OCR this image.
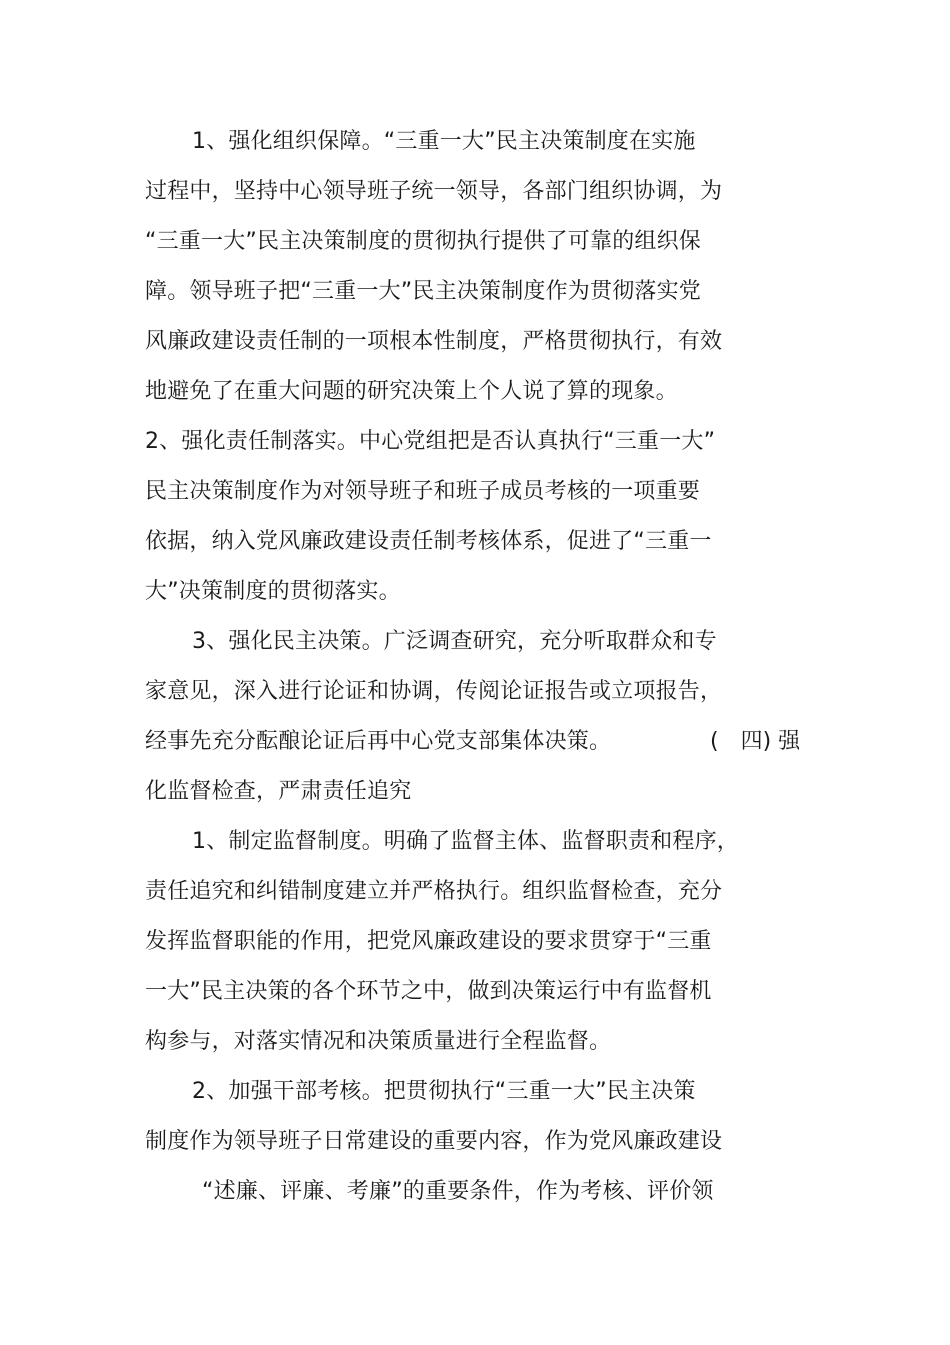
1、强化组织保障。“三重一大”民主决策制度在实施
过程中，坚持中心领导班子统一领导，各部门组织协调，为
“三重一大”民主决策制度的贯彻执行提供了可靠的组织保
障。领导班子把“三重一大”民主决策制度作为贯彻落实党
风廉政建设责任制的一项根本性制度，严格贯彻执行，有效
地避免了在重大问题的研究决策上个人说了算的现象。
2、强化责任制落实。中心党组把是否认真执行“三重一大”
民主决策制度作为对领导班子和班子成员考核的一项重要
依据，纳入党风廉政建设责任制考核体系，促进了“三重一
大”决策制度的贯彻落实。
3、强化民主决策。广泛调查研究，充分听取群众和专
家意见，深入进行论证和协调，传阅论证报告或立项报告，
经事先充分酝酿论证后再中心党支部集体决策。	(　四) 强
化监督检查，严肃责任追究
1、制定监督制度。明确了监督主体、监督职责和程序，
责任追究和纠错制度建立并严格执行。组织监督检查，充分
发挥监督职能的作用，把党风廉政建设的要求贯穿于“三重
一大”民主决策的各个环节之中，做到决策运行中有监督机
构参与，对落实情况和决策质量进行全程监督。
2、加强干部考核。把贯彻执行“三重一大”民主决策
制度作为领导班子日常建设的重要内容，作为党风廉政建设
“述廉、评廉、考廉”的重要条件，作为考核、评价领
